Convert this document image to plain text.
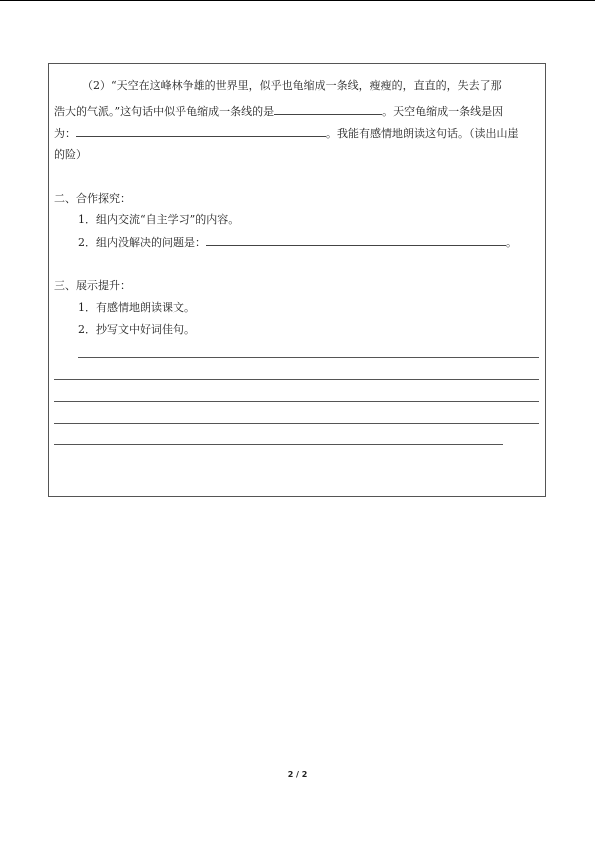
（2）“天空在这峰林争雄的世界里，似乎也龟缩成一条线，瘦瘦的，直直的，失去了那
浩大的气派。”这句话中似乎龟缩成一条线的是	。天空龟缩成一条线是因
为：	。我能有感情地朗读这句话。（读出山崖
的险）
二、合作探究：
1．组内交流“自主学习”的内容。
2．组内没解决的问题是：	。
三、展示提升：
1．有感情地朗读课文。
2．抄写文中好词佳句。
2 / 2
